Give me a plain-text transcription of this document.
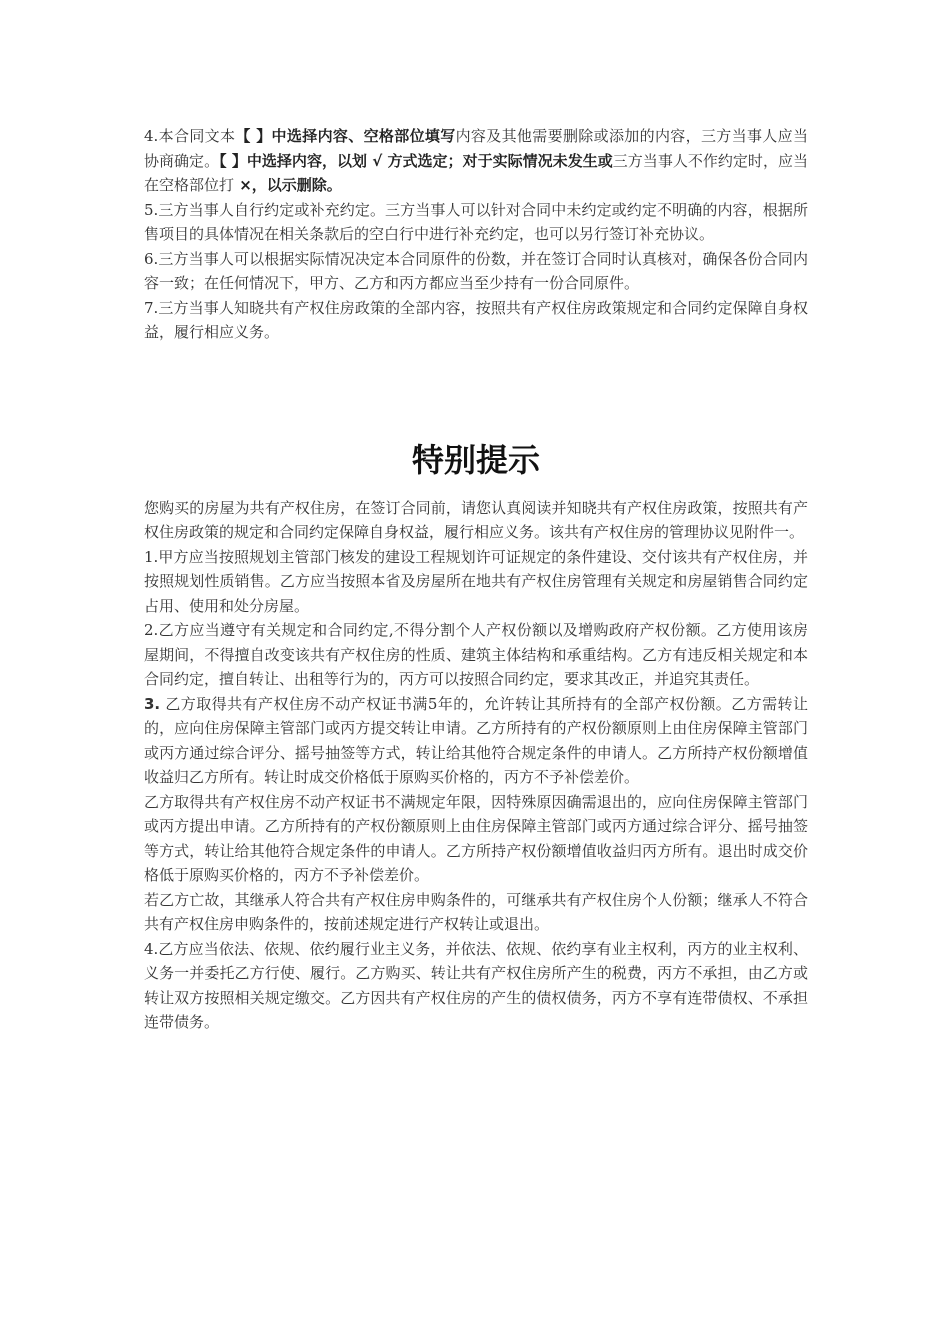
4.本合同文本【 】中选择内容、空格部位填写内容及其他需要删除或添加的内容，三方当事人应当协商确定。【 】中选择内容，以划 √ 方式选定；对于实际情况未发生或三方当事人不作约定时，应当在空格部位打 ×，以示删除。

5.三方当事人自行约定或补充约定。三方当事人可以针对合同中未约定或约定不明确的内容，根据所售项目的具体情况在相关条款后的空白行中进行补充约定，也可以另行签订补充协议。

6.三方当事人可以根据实际情况决定本合同原件的份数，并在签订合同时认真核对，确保各份合同内容一致；在任何情况下，甲方、乙方和丙方都应当至少持有一份合同原件。

7.三方当事人知晓共有产权住房政策的全部内容，按照共有产权住房政策规定和合同约定保障自身权益，履行相应义务。

特别提示

您购买的房屋为共有产权住房，在签订合同前，请您认真阅读并知晓共有产权住房政策，按照共有产权住房政策的规定和合同约定保障自身权益，履行相应义务。该共有产权住房的管理协议见附件一。

1.甲方应当按照规划主管部门核发的建设工程规划许可证规定的条件建设、交付该共有产权住房，并按照规划性质销售。乙方应当按照本省及房屋所在地共有产权住房管理有关规定和房屋销售合同约定占用、使用和处分房屋。

2.乙方应当遵守有关规定和合同约定,不得分割个人产权份额以及增购政府产权份额。乙方使用该房屋期间，不得擅自改变该共有产权住房的性质、建筑主体结构和承重结构。乙方有违反相关规定和本合同约定，擅自转让、出租等行为的，丙方可以按照合同约定，要求其改正，并追究其责任。

3. 乙方取得共有产权住房不动产权证书满5年的，允许转让其所持有的全部产权份额。乙方需转让的，应向住房保障主管部门或丙方提交转让申请。乙方所持有的产权份额原则上由住房保障主管部门或丙方通过综合评分、摇号抽签等方式，转让给其他符合规定条件的申请人。乙方所持产权份额增值收益归乙方所有。转让时成交价格低于原购买价格的，丙方不予补偿差价。

乙方取得共有产权住房不动产权证书不满规定年限，因特殊原因确需退出的，应向住房保障主管部门或丙方提出申请。乙方所持有的产权份额原则上由住房保障主管部门或丙方通过综合评分、摇号抽签等方式，转让给其他符合规定条件的申请人。乙方所持产权份额增值收益归丙方所有。退出时成交价格低于原购买价格的，丙方不予补偿差价。

若乙方亡故，其继承人符合共有产权住房申购条件的，可继承共有产权住房个人份额；继承人不符合共有产权住房申购条件的，按前述规定进行产权转让或退出。

4.乙方应当依法、依规、依约履行业主义务，并依法、依规、依约享有业主权利，丙方的业主权利、义务一并委托乙方行使、履行。乙方购买、转让共有产权住房所产生的税费，丙方不承担，由乙方或转让双方按照相关规定缴交。乙方因共有产权住房的产生的债权债务，丙方不享有连带债权、不承担连带债务。
